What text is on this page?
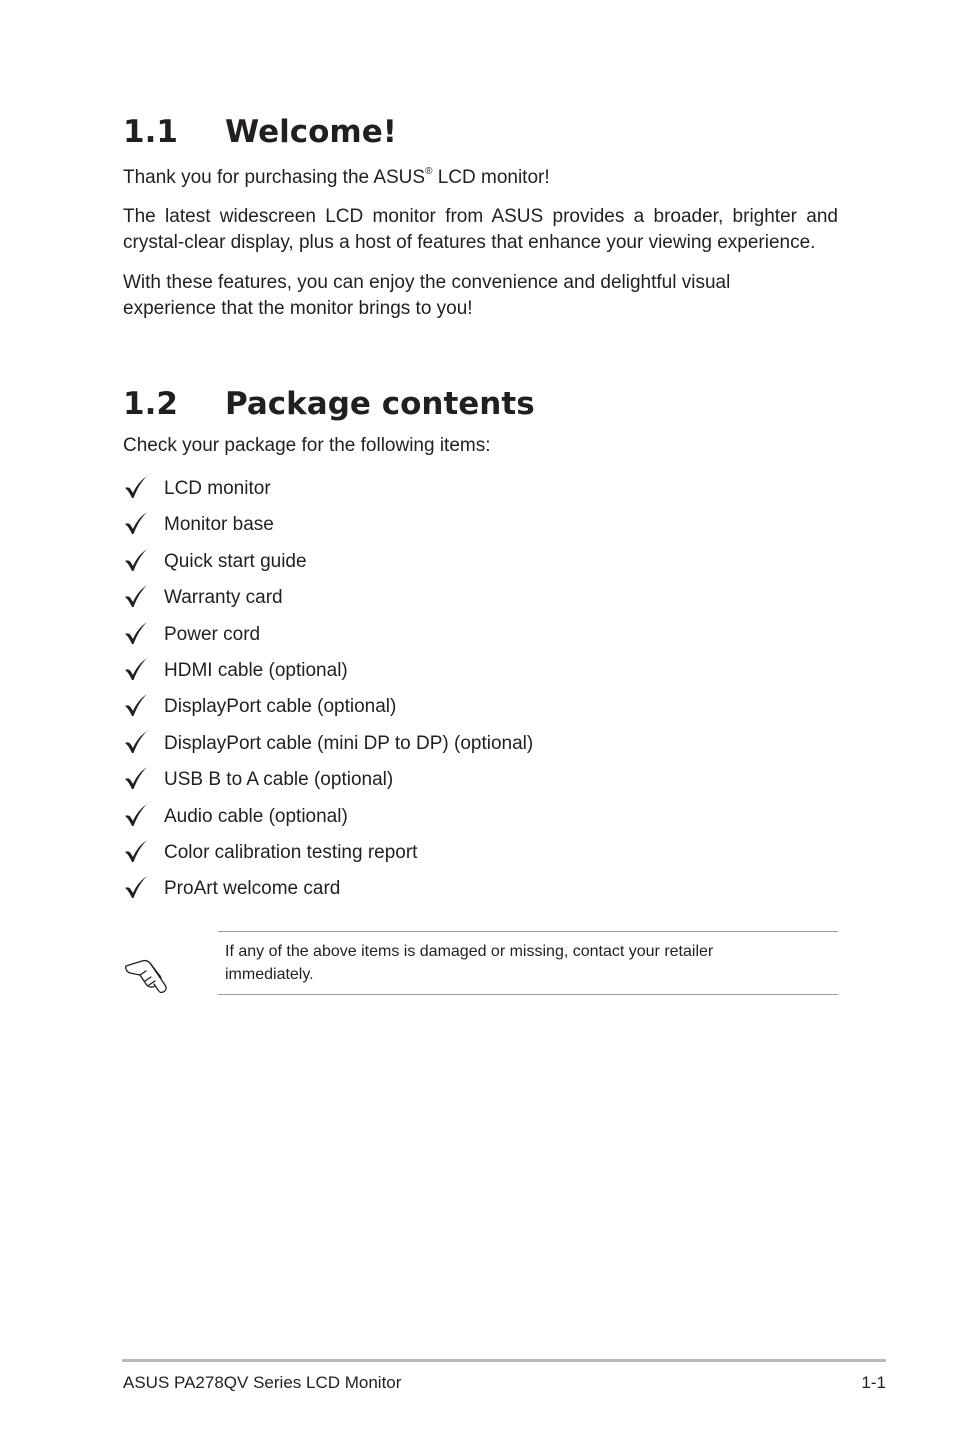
1.1 Welcome!

Thank you for purchasing the ASUS® LCD monitor!

The latest widescreen LCD monitor from ASUS provides a broader, brighter and crystal-clear display, plus a host of features that enhance your viewing experience.

With these features, you can enjoy the convenience and delightful visual
experience that the monitor brings to you!

1.2 Package contents

Check your package for the following items:

LCD monitor
Monitor base
Quick start guide
Warranty card
Power cord
HDMI cable (optional)
DisplayPort cable (optional)
DisplayPort cable (mini DP to DP) (optional)
USB B to A cable (optional)
Audio cable (optional)
Color calibration testing report
ProArt welcome card

If any of the above items is damaged or missing, contact your retailer
immediately.

ASUS PA278QV Series LCD Monitor	1-1
